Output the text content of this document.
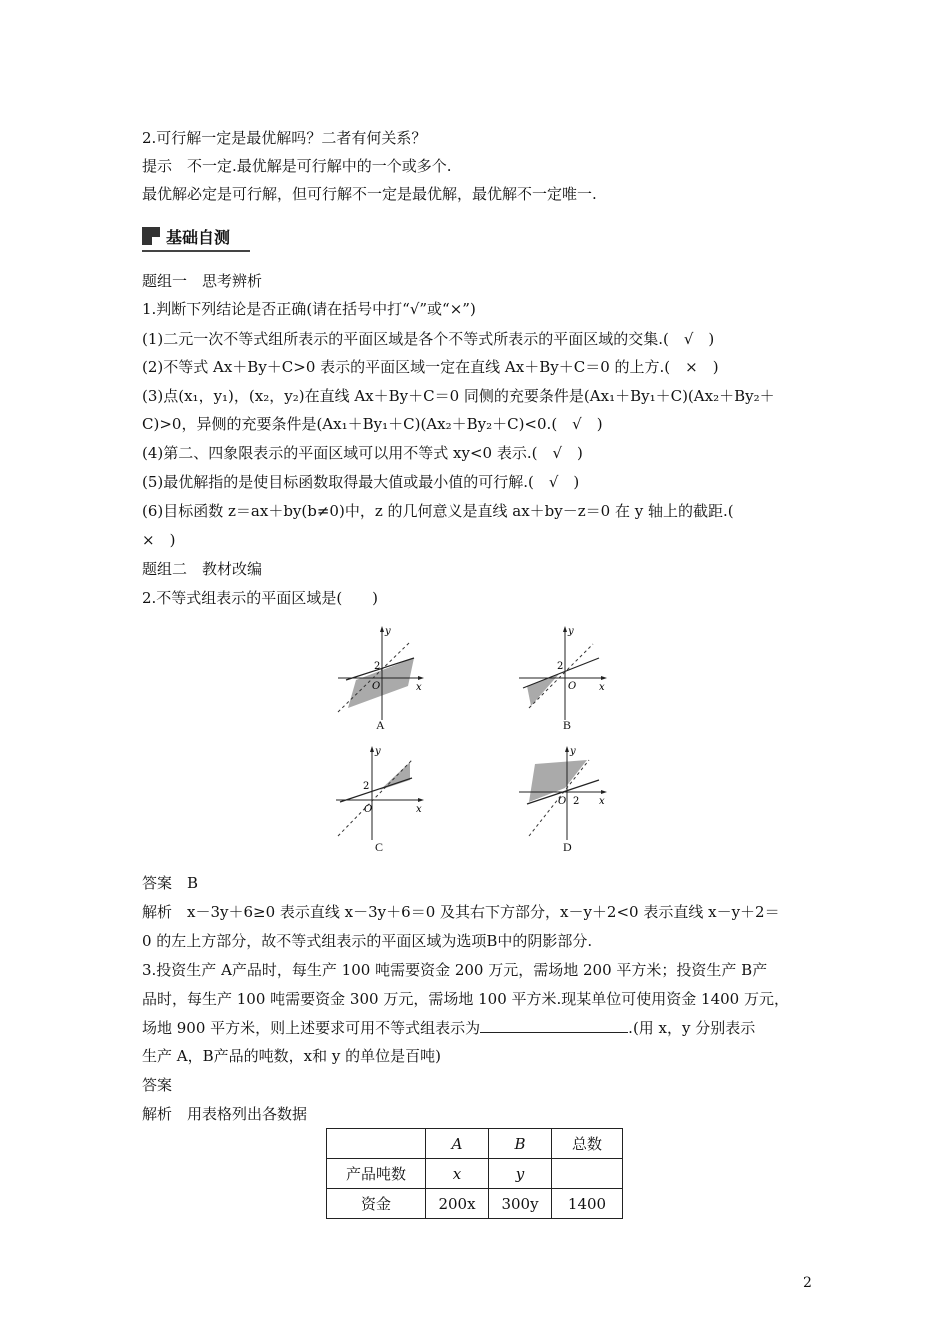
2.可行解一定是最优解吗？二者有何关系？
提示　不一定.最优解是可行解中的一个或多个.
最优解必定是可行解，但可行解不一定是最优解，最优解不一定唯一.
基础自测
题组一　思考辨析
1.判断下列结论是否正确(请在括号中打“√”或“×”)
(1)二元一次不等式组所表示的平面区域是各个不等式所表示的平面区域的交集.(　√　)
(2)不等式 Ax＋By＋C>0 表示的平面区域一定在直线 Ax＋By＋C＝0 的上方.(　×　)
(3)点(x₁，y₁)，(x₂，y₂)在直线 Ax＋By＋C＝0 同侧的充要条件是(Ax₁＋By₁＋C)(Ax₂＋By₂＋
C)>0，异侧的充要条件是(Ax₁＋By₁＋C)(Ax₂＋By₂＋C)<0.(　√　)
(4)第二、四象限表示的平面区域可以用不等式 xy<0 表示.(　√　)
(5)最优解指的是使目标函数取得最大值或最小值的可行解.(　√　)
(6)目标函数 z＝ax＋by(b≠0)中，z 的几何意义是直线 ax＋by－z＝0 在 y 轴上的截距.(
×　)
题组二　教材改编
2.不等式组表示的平面区域是(　　)
y
x
2
O
A
y
x
2
O
B
y
x
2
O
C
y
x
2
O
D
答案　B
解析　x－3y＋6≥0 表示直线 x－3y＋6＝0 及其右下方部分，x－y＋2<0 表示直线 x－y＋2＝
0 的左上方部分，故不等式组表示的平面区域为选项B中的阴影部分.
3.投资生产 A产品时，每生产 100 吨需要资金 200 万元，需场地 200 平方米；投资生产 B产
品时，每生产 100 吨需要资金 300 万元，需场地 100 平方米.现某单位可使用资金 1400 万元，
场地 900 平方米，则上述要求可用不等式组表示为	.(用 x，y 分别表示
生产 A，B产品的吨数，x和 y 的单位是百吨)
答案
解析　用表格列出各数据
	A	B	总数
产品吨数	x	y	
资金	200x	300y	1400
2
